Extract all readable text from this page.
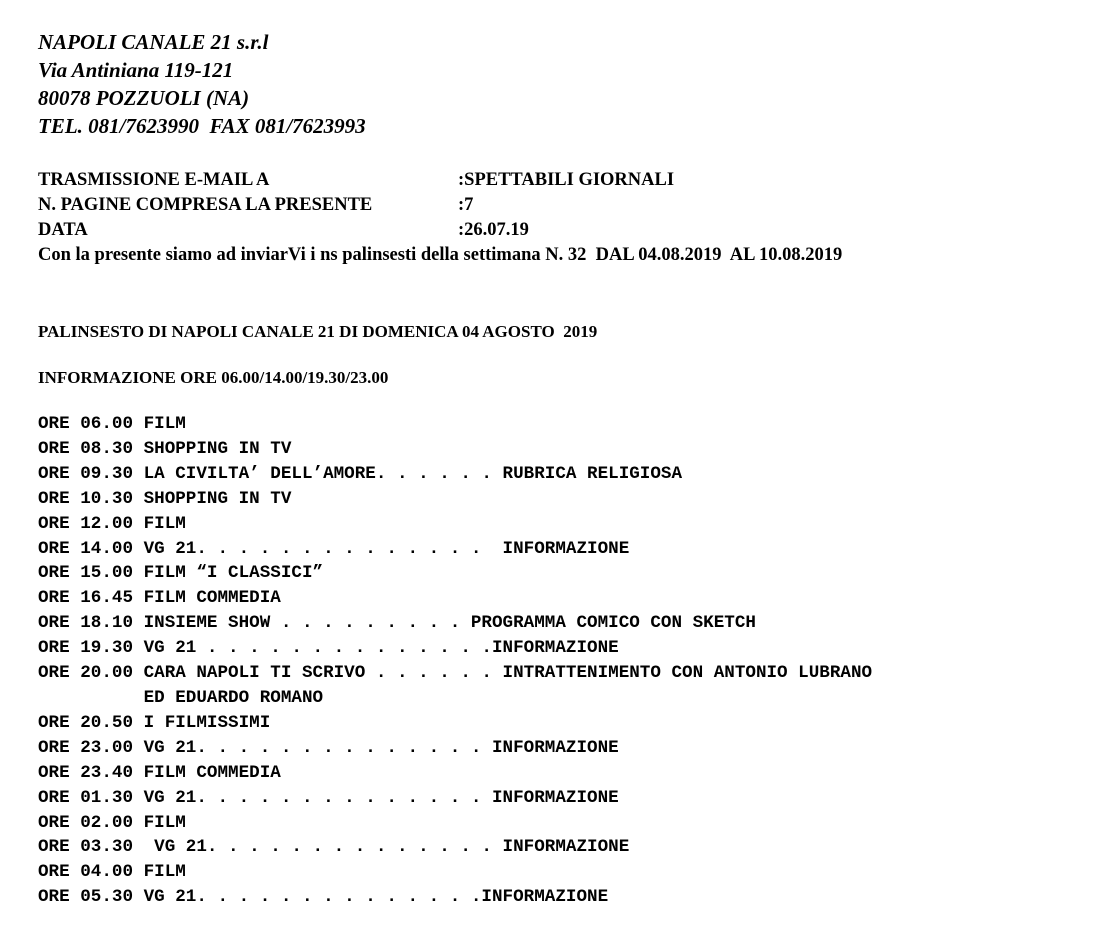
NAPOLI CANALE 21 s.r.l
Via Antiniana 119-121
80078 POZZUOLI (NA)
TEL. 081/7623990  FAX 081/7623993
TRASMISSIONE E-MAIL A	:SPETTABILI GIORNALI
N. PAGINE COMPRESA LA PRESENTE	:7
DATA	:26.07.19
Con la presente siamo ad inviarVi i ns palinsesti della settimana N. 32  DAL 04.08.2019  AL 10.08.2019
PALINSESTO DI NAPOLI CANALE 21 DI DOMENICA 04 AGOSTO  2019
INFORMAZIONE ORE 06.00/14.00/19.30/23.00
ORE 06.00 FILM
ORE 08.30 SHOPPING IN TV
ORE 09.30 LA CIVILTA’ DELL’AMORE. . . . . . RUBRICA RELIGIOSA
ORE 10.30 SHOPPING IN TV
ORE 12.00 FILM
ORE 14.00 VG 21. . . . . . . . . . . . . .  INFORMAZIONE
ORE 15.00 FILM “I CLASSICI”
ORE 16.45 FILM COMMEDIA
ORE 18.10 INSIEME SHOW . . . . . . . . . PROGRAMMA COMICO CON SKETCH
ORE 19.30 VG 21 . . . . . . . . . . . . . .INFORMAZIONE
ORE 20.00 CARA NAPOLI TI SCRIVO . . . . . . INTRATTENIMENTO CON ANTONIO LUBRANO
ED EDUARDO ROMANO
ORE 20.50 I FILMISSIMI
ORE 23.00 VG 21. . . . . . . . . . . . . . INFORMAZIONE
ORE 23.40 FILM COMMEDIA
ORE 01.30 VG 21. . . . . . . . . . . . . . INFORMAZIONE
ORE 02.00 FILM
ORE 03.30  VG 21. . . . . . . . . . . . . . INFORMAZIONE
ORE 04.00 FILM
ORE 05.30 VG 21. . . . . . . . . . . . . .INFORMAZIONE
